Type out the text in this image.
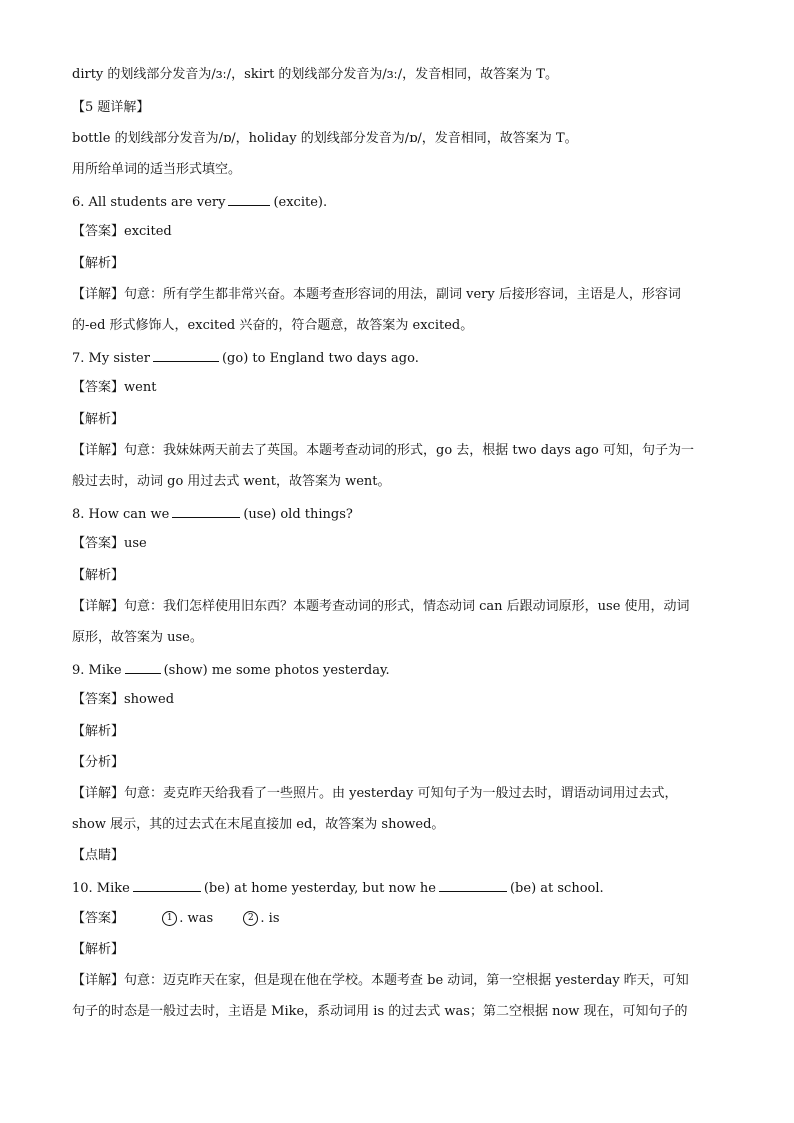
dirty 的划线部分发音为/ɜː/，skirt 的划线部分发音为/ɜː/，发音相同，故答案为 T。
【5 题详解】
bottle 的划线部分发音为/ɒ/，holiday 的划线部分发音为/ɒ/，发音相同，故答案为 T。
用所给单词的适当形式填空。
6. All students are very	(excite).
【答案】excited
【解析】
【详解】句意：所有学生都非常兴奋。本题考查形容词的用法，副词 very 后接形容词，主语是人，形容词
的-ed 形式修饰人，excited 兴奋的，符合题意，故答案为 excited。
7. My sister	(go) to England two days ago.
【答案】went
【解析】
【详解】句意：我妹妹两天前去了英国。本题考查动词的形式，go 去，根据 two days ago 可知，句子为一
般过去时，动词 go 用过去式 went，故答案为 went。
8. How can we	(use) old things?
【答案】use
【解析】
【详解】句意：我们怎样使用旧东西？本题考查动词的形式，情态动词 can 后跟动词原形，use 使用，动词
原形，故答案为 use。
9. Mike	(show) me some photos yesterday.
【答案】showed
【解析】
【分析】
【详解】句意：麦克昨天给我看了一些照片。由 yesterday 可知句子为一般过去时，谓语动词用过去式，
show 展示，其的过去式在末尾直接加 ed，故答案为 showed。
【点睛】
10. Mike	(be) at home yesterday, but now he	(be) at school.
【答案】	1 . was	2 . is
【解析】
【详解】句意：迈克昨天在家，但是现在他在学校。本题考查 be 动词，第一空根据 yesterday 昨天，可知
句子的时态是一般过去时，主语是 Mike，系动词用 is 的过去式 was；第二空根据 now 现在，可知句子的
